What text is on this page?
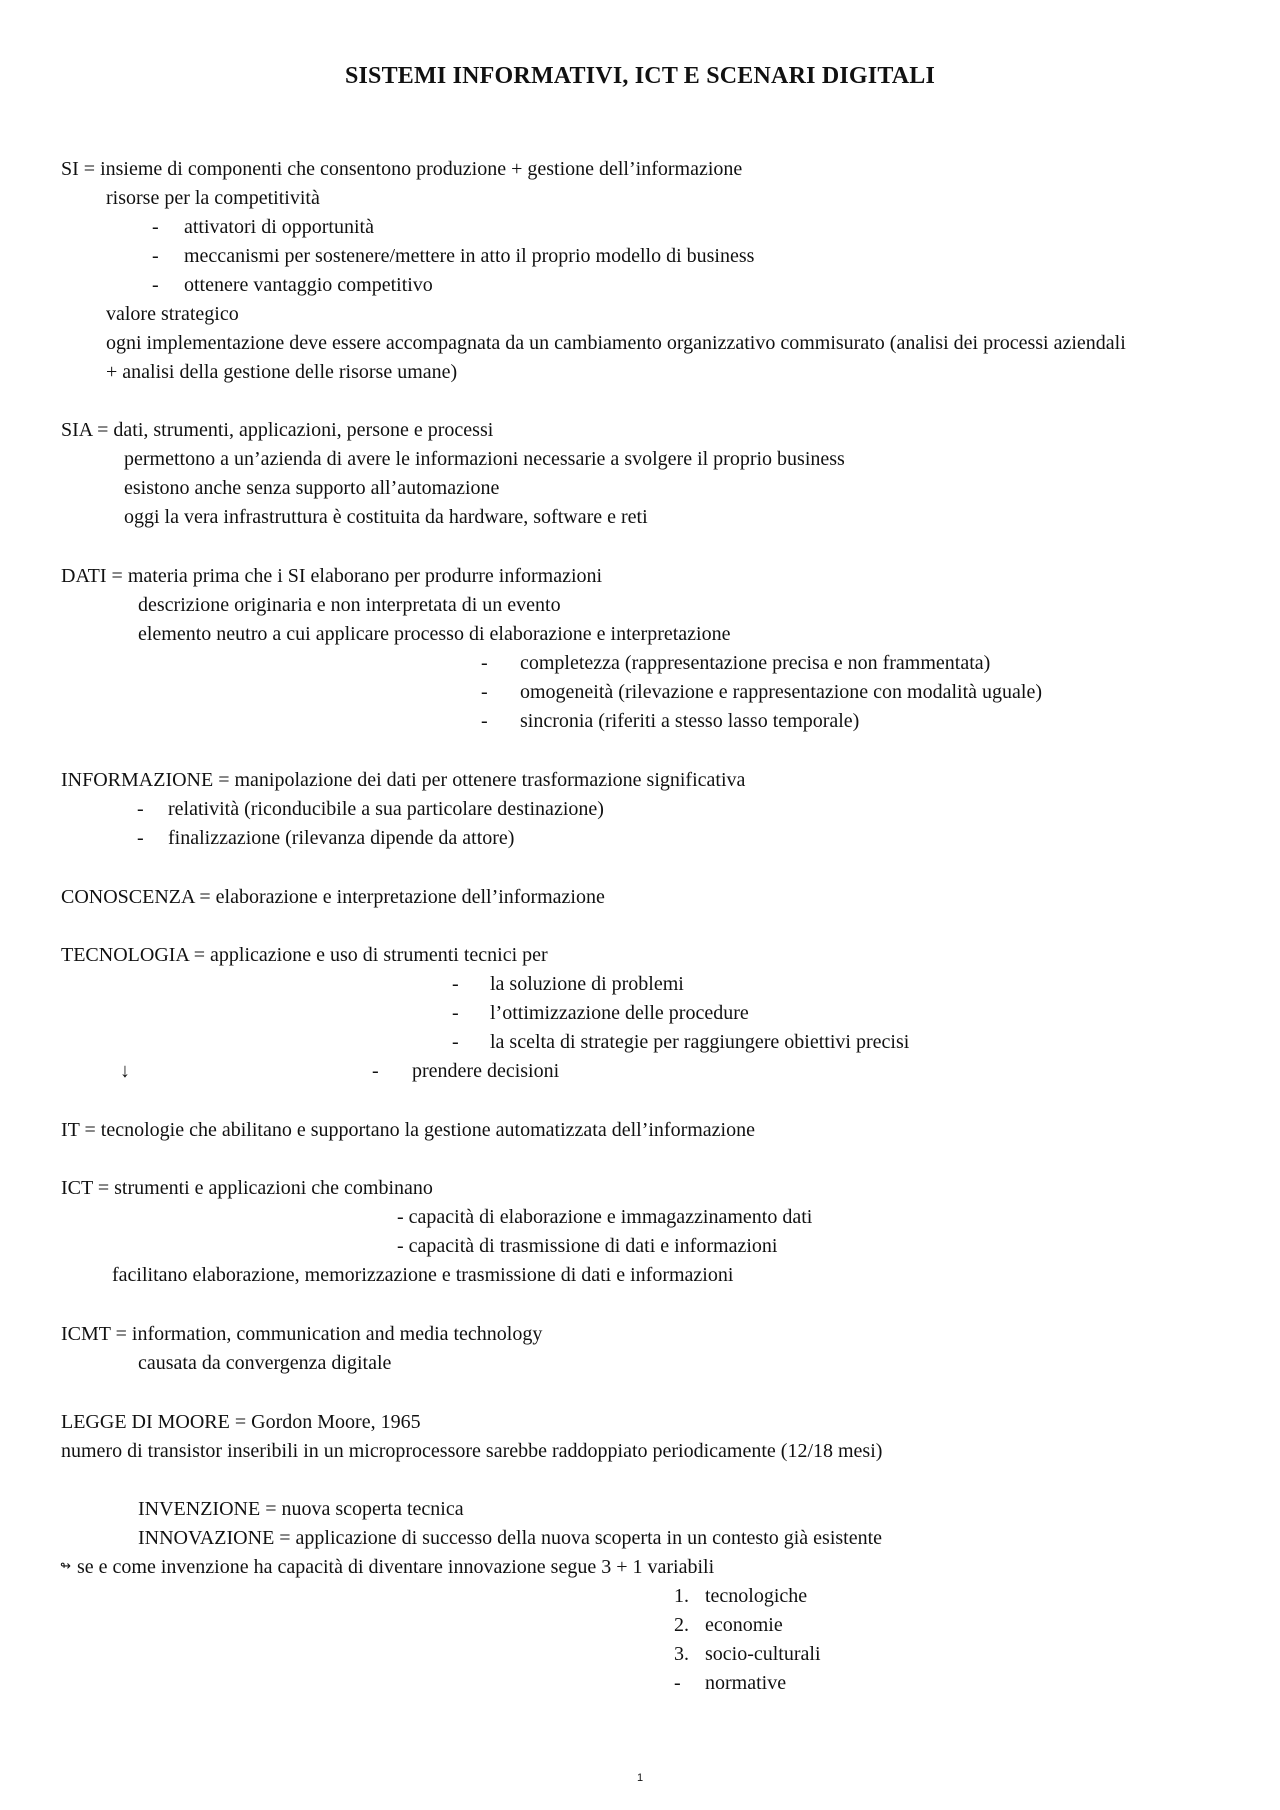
SISTEMI INFORMATIVI, ICT E SCENARI DIGITALI
SI = insieme di componenti che consentono produzione + gestione dell’informazione
risorse per la competitività
- attivatori di opportunità
- meccanismi per sostenere/mettere in atto il proprio modello di business
- ottenere vantaggio competitivo
valore strategico
ogni implementazione deve essere accompagnata da un cambiamento organizzativo commisurato (analisi dei processi aziendali
+ analisi della gestione delle risorse umane)
SIA = dati, strumenti, applicazioni, persone e processi
permettono a un’azienda di avere le informazioni necessarie a svolgere il proprio business
esistono anche senza supporto all’automazione
oggi la vera infrastruttura è costituita da hardware, software e reti
DATI = materia prima che i SI elaborano per produrre informazioni
descrizione originaria e non interpretata di un evento
elemento neutro a cui applicare processo di elaborazione e interpretazione
- completezza (rappresentazione precisa e non frammentata)
- omogeneità (rilevazione e rappresentazione con modalità uguale)
- sincronia (riferiti a stesso lasso temporale)
INFORMAZIONE = manipolazione dei dati per ottenere trasformazione significativa
- relatività (riconducibile a sua particolare destinazione)
- finalizzazione (rilevanza dipende da attore)
CONOSCENZA = elaborazione e interpretazione dell’informazione
TECNOLOGIA = applicazione e uso di strumenti tecnici per
- la soluzione di problemi
- l’ottimizzazione delle procedure
- la scelta di strategie per raggiungere obiettivi precisi
↓	- prendere decisioni
IT = tecnologie che abilitano e supportano la gestione automatizzata dell’informazione
ICT = strumenti e applicazioni che combinano
- capacità di elaborazione e immagazzinamento dati
- capacità di trasmissione di dati e informazioni
facilitano elaborazione, memorizzazione e trasmissione di dati e informazioni
ICMT = information, communication and media technology
causata da convergenza digitale
LEGGE DI MOORE = Gordon Moore, 1965
numero di transistor inseribili in un microprocessore sarebbe raddoppiato periodicamente (12/18 mesi)
INVENZIONE = nuova scoperta tecnica
INNOVAZIONE = applicazione di successo della nuova scoperta in un contesto già esistente
↬ se e come invenzione ha capacità di diventare innovazione segue 3 + 1 variabili
1. tecnologiche
2. economie
3. socio-culturali
- normative
1
